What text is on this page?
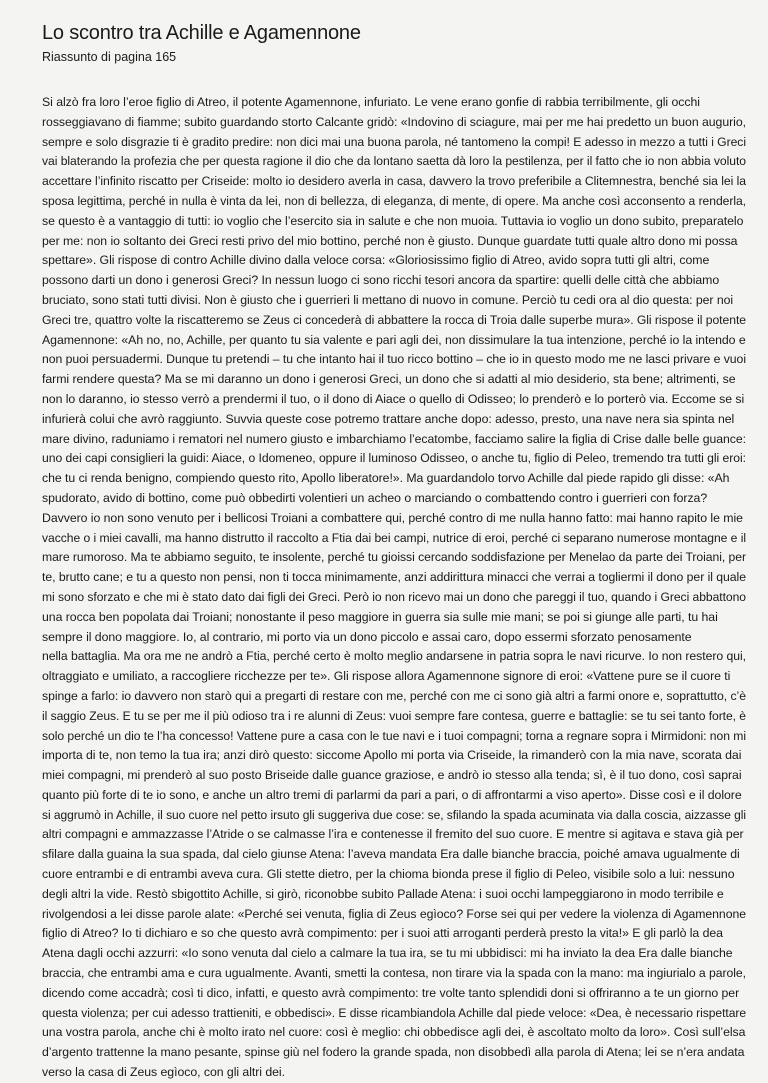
Lo scontro tra Achille e Agamennone

Riassunto di pagina 165

Si alzò fra loro l’eroe figlio di Atreo, il potente Agamennone, infuriato. Le vene erano gonfie di rabbia terribilmente, gli occhi
rosseggiavano di fiamme; subito guardando storto Calcante gridò: «Indovino di sciagure, mai per me hai predetto un buon augurio,
sempre e solo disgrazie ti è gradito predire: non dici mai una buona parola, né tantomeno la compi! E adesso in mezzo a tutti i Greci
vai blaterando la profezia che per questa ragione il dio che da lontano saetta dà loro la pestilenza, per il fatto che io non abbia voluto
accettare l’infinito riscatto per Criseide: molto io desidero averla in casa, davvero la trovo preferibile a Clitemnestra, benché sia lei la
sposa legittima, perché in nulla è vinta da lei, non di bellezza, di eleganza, di mente, di opere. Ma anche così acconsento a renderla,
se questo è a vantaggio di tutti: io voglio che l’esercito sia in salute e che non muoia. Tuttavia io voglio un dono subito, preparatelo
per me: non io soltanto dei Greci resti privo del mio bottino, perché non è giusto. Dunque guardate tutti quale altro dono mi possa
spettare». Gli rispose di contro Achille divino dalla veloce corsa: «Gloriosissimo figlio di Atreo, avido sopra tutti gli altri, come
possono darti un dono i generosi Greci? In nessun luogo ci sono ricchi tesori ancora da spartire: quelli delle città che abbiamo
bruciato, sono stati tutti divisi. Non è giusto che i guerrieri li mettano di nuovo in comune. Perciò tu cedi ora al dio questa: per noi
Greci tre, quattro volte la riscatteremo se Zeus ci concederà di abbattere la rocca di Troia dalle superbe mura». Gli rispose il potente
Agamennone: «Ah no, no, Achille, per quanto tu sia valente e pari agli dei, non dissimulare la tua intenzione, perché io la intendo e
non puoi persuadermi. Dunque tu pretendi – tu che intanto hai il tuo ricco bottino – che io in questo modo me ne lasci privare e vuoi
farmi rendere questa? Ma se mi daranno un dono i generosi Greci, un dono che si adatti al mio desiderio, sta bene; altrimenti, se
non lo daranno, io stesso verrò a prendermi il tuo, o il dono di Aiace o quello di Odisseo; lo prenderò e lo porterò via. Eccome se si
infurierà colui che avrò raggiunto. Suvvia queste cose potremo trattare anche dopo: adesso, presto, una nave nera sia spinta nel
mare divino, raduniamo i rematori nel numero giusto e imbarchiamo l’ecatombe, facciamo salire la figlia di Crise dalle belle guance:
uno dei capi consiglieri la guidi: Aiace, o Idomeneo, oppure il luminoso Odisseo, o anche tu, figlio di Peleo, tremendo tra tutti gli eroi:
che tu ci renda benigno, compiendo questo rito, Apollo liberatore!». Ma guardandolo torvo Achille dal piede rapido gli disse: «Ah
spudorato, avido di bottino, come può obbedirti volentieri un acheo o marciando o combattendo contro i guerrieri con forza?
Davvero io non sono venuto per i bellicosi Troiani a combattere qui, perché contro di me nulla hanno fatto: mai hanno rapito le mie
vacche o i miei cavalli, ma hanno distrutto il raccolto a Ftia dai bei campi, nutrice di eroi, perché ci separano numerose montagne e il
mare rumoroso. Ma te abbiamo seguito, te insolente, perché tu gioissi cercando soddisfazione per Menelao da parte dei Troiani, per
te, brutto cane; e tu a questo non pensi, non ti tocca minimamente, anzi addirittura minacci che verrai a togliermi il dono per il quale
mi sono sforzato e che mi è stato dato dai figli dei Greci. Però io non ricevo mai un dono che pareggi il tuo, quando i Greci abbattono
una rocca ben popolata dai Troiani; nonostante il peso maggiore in guerra sia sulle mie mani; se poi si giunge alle parti, tu hai
sempre il dono maggiore. Io, al contrario, mi porto via un dono piccolo e assai caro, dopo essermi sforzato penosamente
nella battaglia. Ma ora me ne andrò a Ftia, perché certo è molto meglio andarsene in patria sopra le navi ricurve. Io non restero qui,
oltraggiato e umiliato, a raccogliere ricchezze per te». Gli rispose allora Agamennone signore di eroi: «Vattene pure se il cuore ti
spinge a farlo: io davvero non starò qui a pregarti di restare con me, perché con me ci sono già altri a farmi onore e, soprattutto, c’è
il saggio Zeus. E tu se per me il più odioso tra i re alunni di Zeus: vuoi sempre fare contesa, guerre e battaglie: se tu sei tanto forte, è
solo perché un dio te l’ha concesso! Vattene pure a casa con le tue navi e i tuoi compagni; torna a regnare sopra i Mirmidoni: non mi
importa di te, non temo la tua ira; anzi dirò questo: siccome Apollo mi porta via Criseide, la rimanderò con la mia nave, scorata dai
miei compagni, mi prenderò al suo posto Briseide dalle guance graziose, e andrò io stesso alla tenda; sì, è il tuo dono, così saprai
quanto più forte di te io sono, e anche un altro tremi di parlarmi da pari a pari, o di affrontarmi a viso aperto». Disse così e il dolore
si aggrumò in Achille, il suo cuore nel petto irsuto gli suggeriva due cose: se, sfilando la spada acuminata via dalla coscia, aizzasse gli
altri compagni e ammazzasse l’Atride o se calmasse l’ira e contenesse il fremito del suo cuore. E mentre si agitava e stava già per
sfilare dalla guaina la sua spada, dal cielo giunse Atena: l’aveva mandata Era dalle bianche braccia, poiché amava ugualmente di
cuore entrambi e di entrambi aveva cura. Gli stette dietro, per la chioma bionda prese il figlio di Peleo, visibile solo a lui: nessuno
degli altri la vide. Restò sbigottito Achille, si girò, riconobbe subito Pallade Atena: i suoi occhi lampeggiarono in modo terribile e
rivolgendosi a lei disse parole alate: «Perché sei venuta, figlia di Zeus egìoco? Forse sei qui per vedere la violenza di Agamennone
figlio di Atreo? Io ti dichiaro e so che questo avrà compimento: per i suoi atti arroganti perderà presto la vita!» E gli parlò la dea
Atena dagli occhi azzurri: «Io sono venuta dal cielo a calmare la tua ira, se tu mi ubbidisci: mi ha inviato la dea Era dalle bianche
braccia, che entrambi ama e cura ugualmente. Avanti, smetti la contesa, non tirare via la spada con la mano: ma ingiurialo a parole,
dicendo come accadrà; così ti dico, infatti, e questo avrà compimento: tre volte tanto splendidi doni si offriranno a te un giorno per
questa violenza; per cui adesso trattieniti, e obbedisci». E disse ricambiandola Achille dal piede veloce: «Dea, è necessario rispettare
una vostra parola, anche chi è molto irato nel cuore: così è meglio: chi obbedisce agli dei, è ascoltato molto da loro». Così sull’elsa
d’argento trattenne la mano pesante, spinse giù nel fodero la grande spada, non disobbedì alla parola di Atena; lei se n’era andata
verso la casa di Zeus egìoco, con gli altri dei.
